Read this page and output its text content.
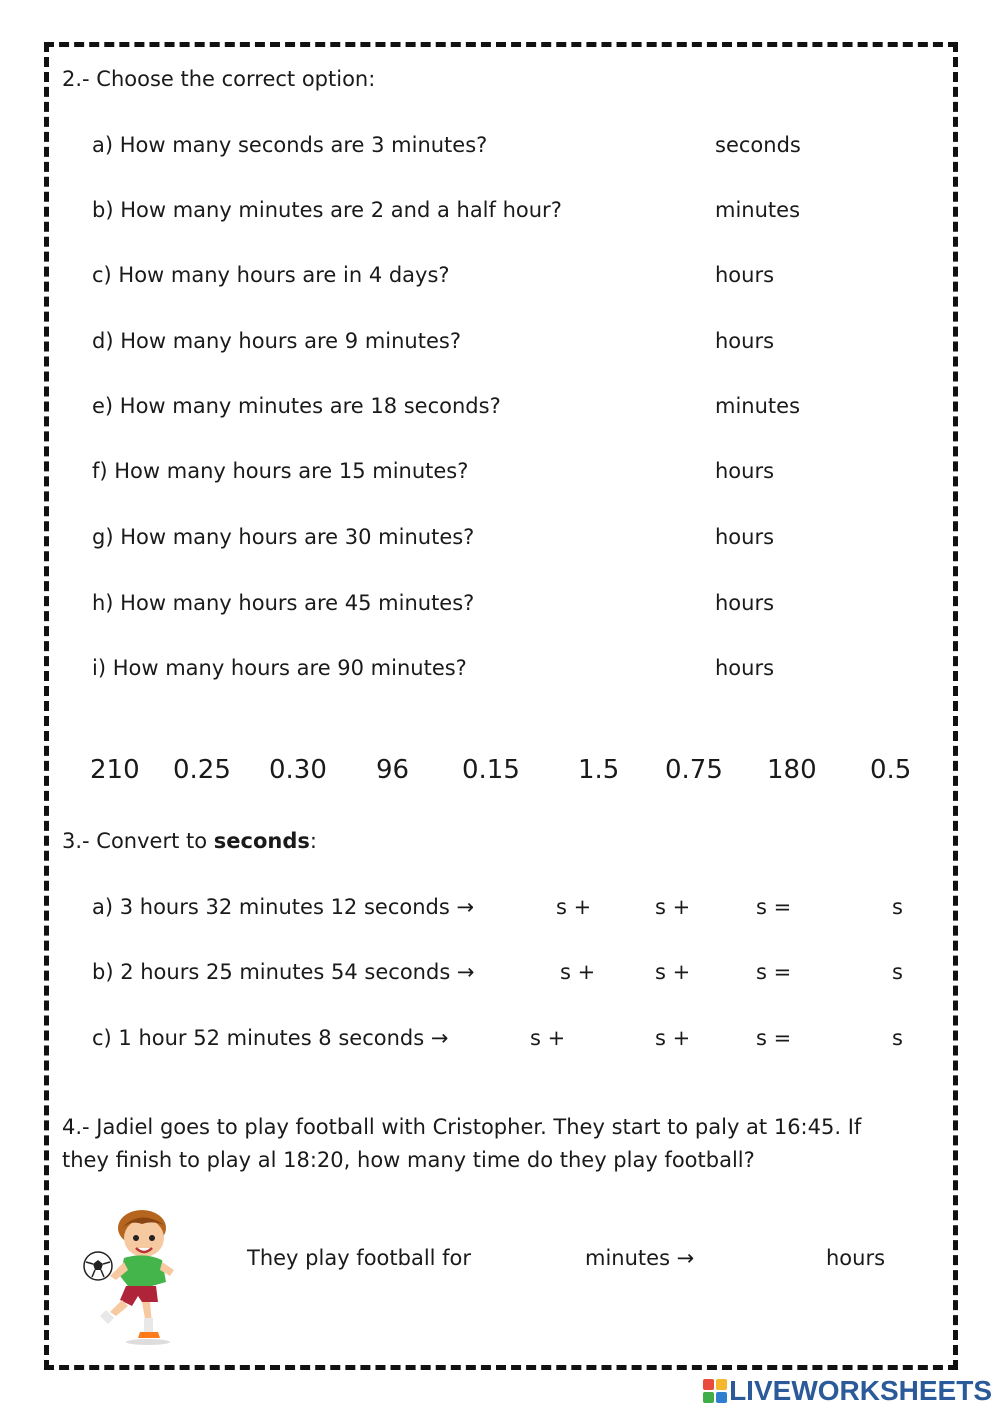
2.- Choose the correct option:
a) How many seconds are 3 minutes?	seconds
b) How many minutes are 2 and a half hour?	minutes
c) How many hours are in 4 days?	hours
d) How many hours are 9 minutes?	hours
e) How many minutes are 18 seconds?	minutes
f) How many hours are 15 minutes?	hours
g) How many hours are 30 minutes?	hours
h) How many hours are 45 minutes?	hours
i) How many hours are 90 minutes?	hours
210 0.25 0.30 96 0.15 1.5 0.75 180 0.5
3.- Convert to seconds:
a) 3 hours 32 minutes 12 seconds →	s +	s +	s =	s
b) 2 hours 25 minutes 54 seconds →	s +	s +	s =	s
c) 1 hour 52 minutes 8 seconds →	s +	s +	s =	s
4.- Jadiel goes to play football with Cristopher. They start to paly at 16:45. If
they finish to play al 18:20, how many time do they play football?
They play football for	minutes →	hours
LIVEWORKSHEETS
